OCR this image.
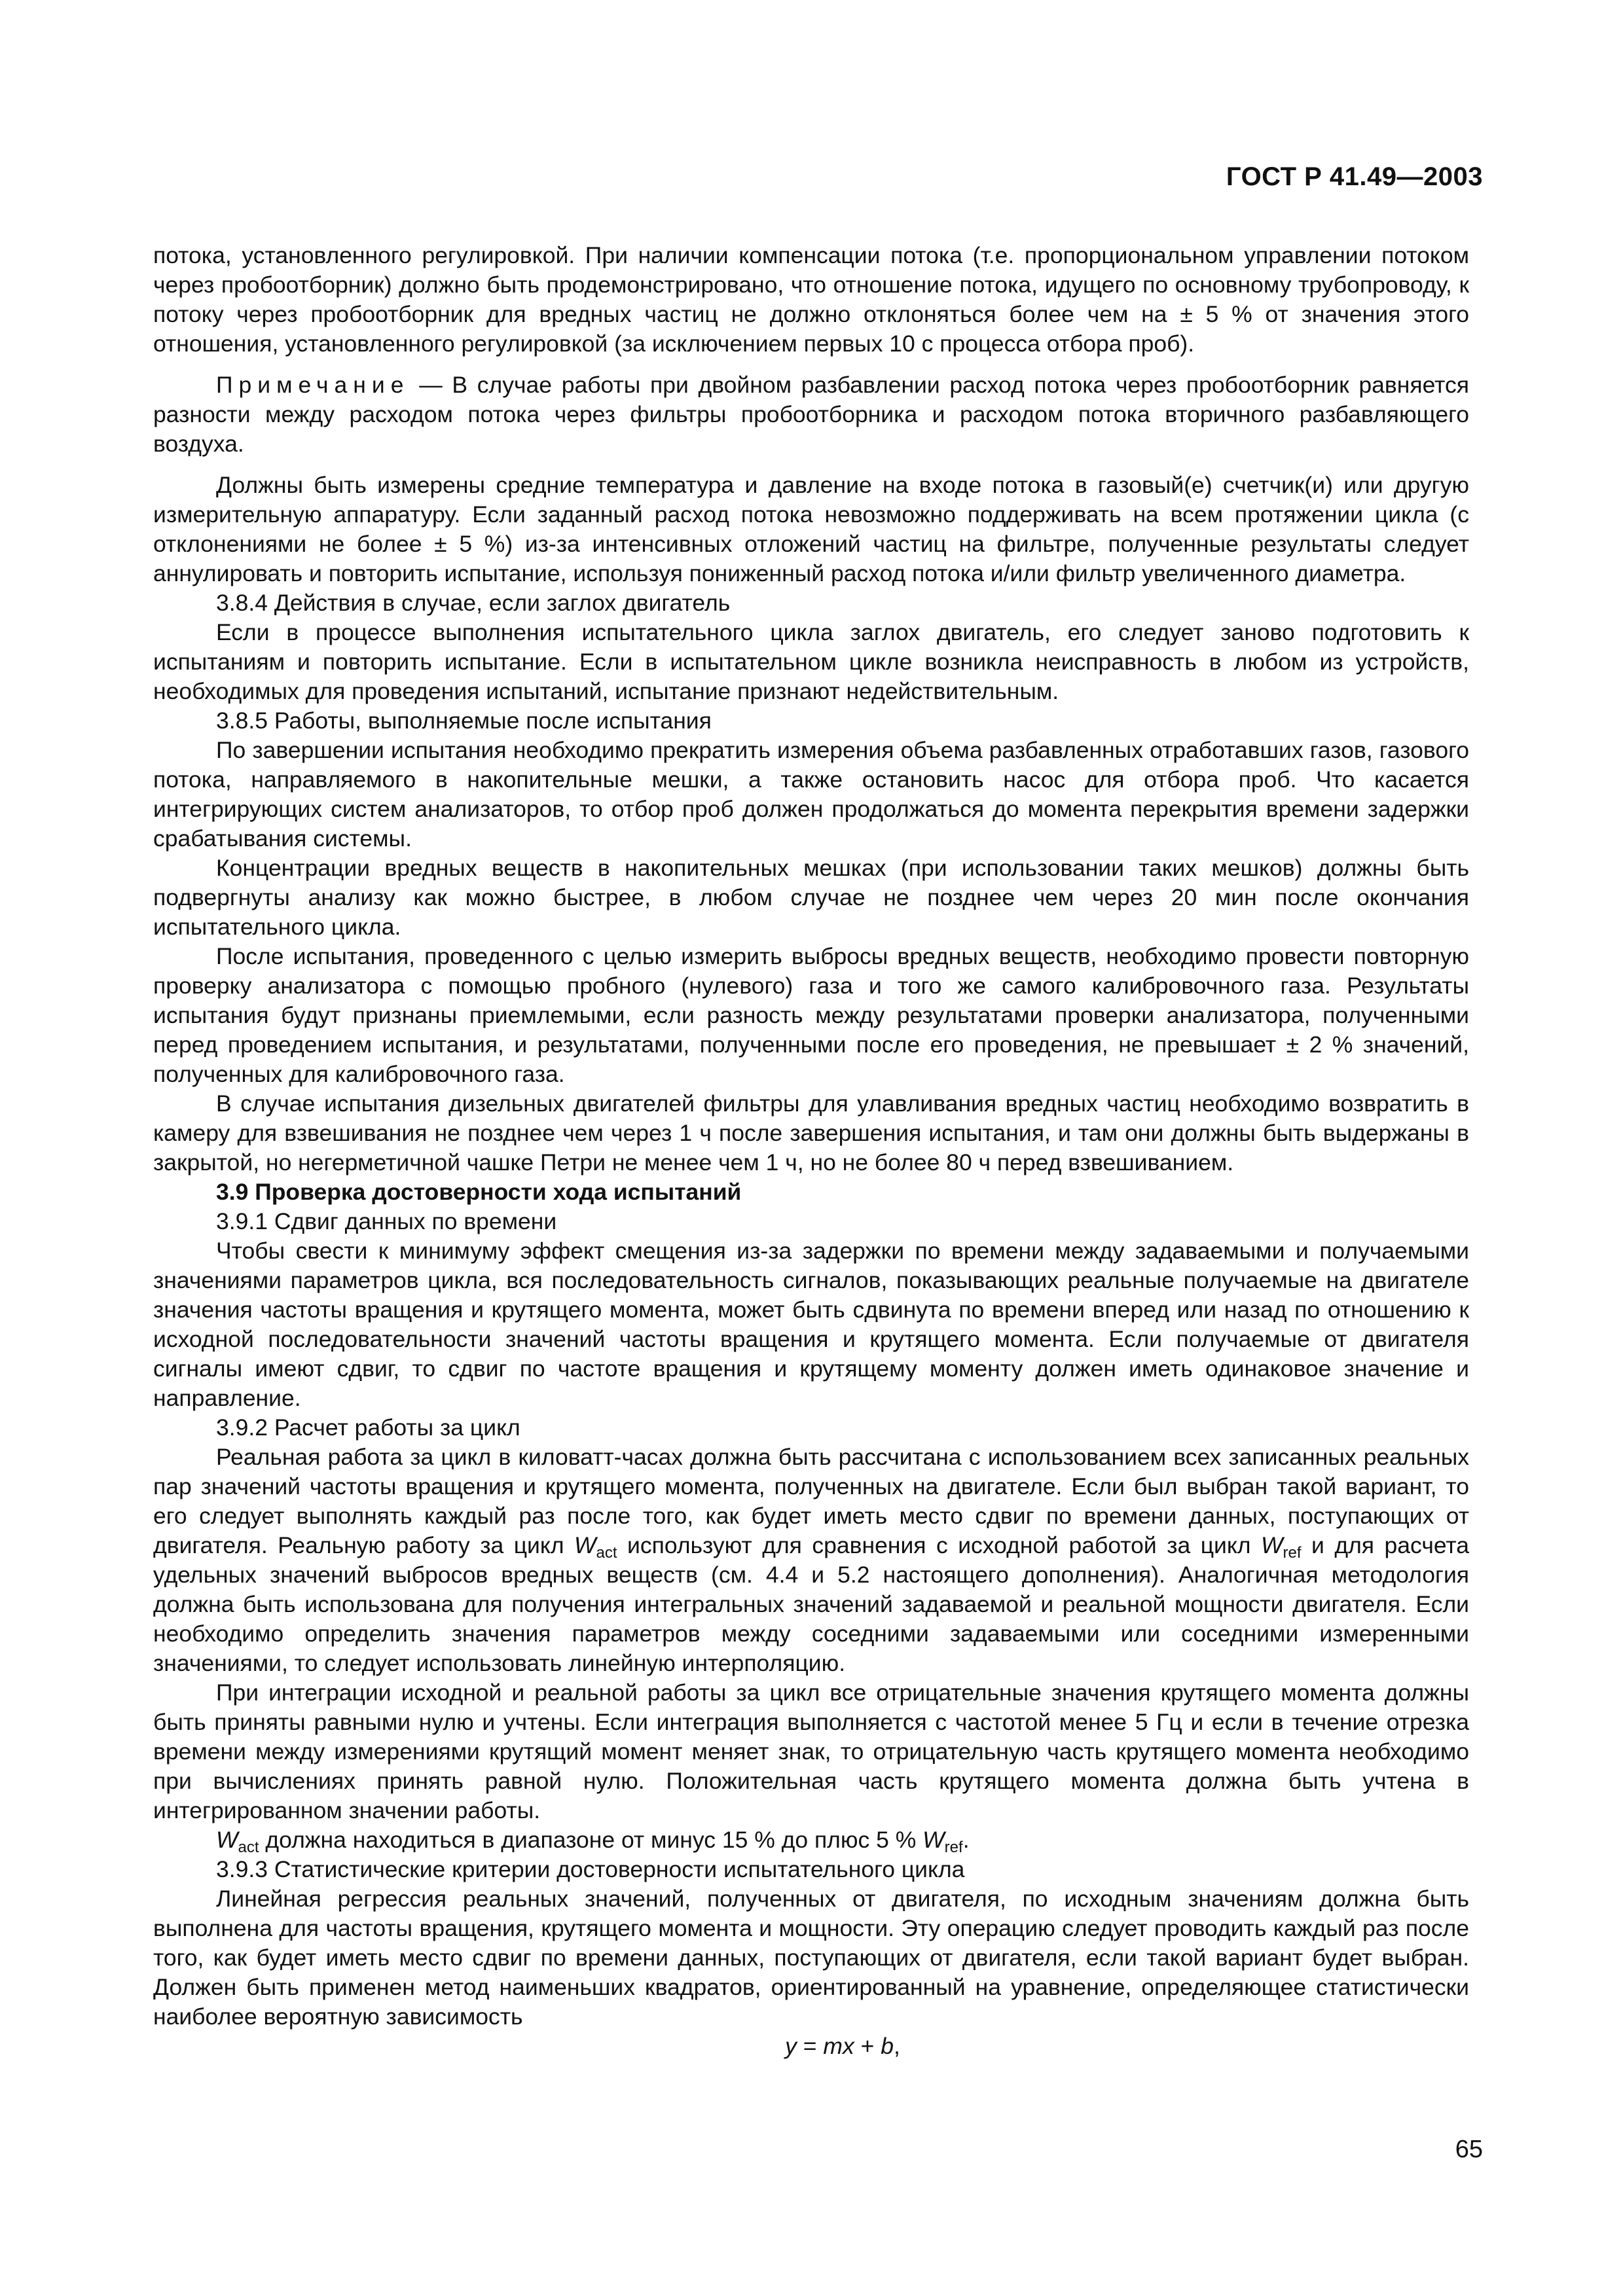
ГОСТ Р 41.49—2003

потока, установленного регулировкой. При наличии компенсации потока (т.е. пропорциональном управлении потоком через пробоотборник) должно быть продемонстрировано, что отношение потока, идущего по основному трубопроводу, к потоку через пробоотборник для вредных частиц не должно отклоняться более чем на ± 5 % от значения этого отношения, установленного регулировкой (за исключением первых 10 с процесса отбора проб).

Примечание — В случае работы при двойном разбавлении расход потока через пробоотборник равняется разности между расходом потока через фильтры пробоотборника и расходом потока вторичного разбавляющего воздуха.

Должны быть измерены средние температура и давление на входе потока в газовый(е) счетчик(и) или другую измерительную аппаратуру. Если заданный расход потока невозможно поддерживать на всем протяжении цикла (с отклонениями не более ± 5 %) из-за интенсивных отложений частиц на фильтре, полученные результаты следует аннулировать и повторить испытание, используя пониженный расход потока и/или фильтр увеличенного диаметра.

3.8.4 Действия в случае, если заглох двигатель

Если в процессе выполнения испытательного цикла заглох двигатель, его следует заново подготовить к испытаниям и повторить испытание. Если в испытательном цикле возникла неисправность в любом из устройств, необходимых для проведения испытаний, испытание признают недействительным.

3.8.5 Работы, выполняемые после испытания

По завершении испытания необходимо прекратить измерения объема разбавленных отработавших газов, газового потока, направляемого в накопительные мешки, а также остановить насос для отбора проб. Что касается интегрирующих систем анализаторов, то отбор проб должен продолжаться до момента перекрытия времени задержки срабатывания системы.

Концентрации вредных веществ в накопительных мешках (при использовании таких мешков) должны быть подвергнуты анализу как можно быстрее, в любом случае не позднее чем через 20 мин после окончания испытательного цикла.

После испытания, проведенного с целью измерить выбросы вредных веществ, необходимо провести повторную проверку анализатора с помощью пробного (нулевого) газа и того же самого калибровочного газа. Результаты испытания будут признаны приемлемыми, если разность между результатами проверки анализатора, полученными перед проведением испытания, и результатами, полученными после его проведения, не превышает ± 2 % значений, полученных для калибровочного газа.

В случае испытания дизельных двигателей фильтры для улавливания вредных частиц необходимо возвратить в камеру для взвешивания не позднее чем через 1 ч после завершения испытания, и там они должны быть выдержаны в закрытой, но негерметичной чашке Петри не менее чем 1 ч, но не более 80 ч перед взвешиванием.

3.9 Проверка достоверности хода испытаний

3.9.1 Сдвиг данных по времени

Чтобы свести к минимуму эффект смещения из-за задержки по времени между задаваемыми и получаемыми значениями параметров цикла, вся последовательность сигналов, показывающих реальные получаемые на двигателе значения частоты вращения и крутящего момента, может быть сдвинута по времени вперед или назад по отношению к исходной последовательности значений частоты вращения и крутящего момента. Если получаемые от двигателя сигналы имеют сдвиг, то сдвиг по частоте вращения и крутящему моменту должен иметь одинаковое значение и направление.

3.9.2 Расчет работы за цикл

Реальная работа за цикл в киловатт-часах должна быть рассчитана с использованием всех записанных реальных пар значений частоты вращения и крутящего момента, полученных на двигателе. Если был выбран такой вариант, то его следует выполнять каждый раз после того, как будет иметь место сдвиг по времени данных, поступающих от двигателя. Реальную работу за цикл $W_{act}$ используют для сравнения с исходной работой за цикл $W_{ref}$ и для расчета удельных значений выбросов вредных веществ (см. 4.4 и 5.2 настоящего дополнения). Аналогичная методология должна быть использована для получения интегральных значений задаваемой и реальной мощности двигателя. Если необходимо определить значения параметров между соседними задаваемыми или соседними измеренными значениями, то следует использовать линейную интерполяцию.

При интеграции исходной и реальной работы за цикл все отрицательные значения крутящего момента должны быть приняты равными нулю и учтены. Если интеграция выполняется с частотой менее 5 Гц и если в течение отрезка времени между измерениями крутящий момент меняет знак, то отрицательную часть крутящего момента необходимо при вычислениях принять равной нулю. Положительная часть крутящего момента должна быть учтена в интегрированном значении работы.

$W_{act}$ должна находиться в диапазоне от минус 15 % до плюс 5 % $W_{ref}$.

3.9.3 Статистические критерии достоверности испытательного цикла

Линейная регрессия реальных значений, полученных от двигателя, по исходным значениям должна быть выполнена для частоты вращения, крутящего момента и мощности. Эту операцию следует проводить каждый раз после того, как будет иметь место сдвиг по времени данных, поступающих от двигателя, если такой вариант будет выбран. Должен быть применен метод наименьших квадратов, ориентированный на уравнение, определяющее статистически наиболее вероятную зависимость

y = mx + b,

65
